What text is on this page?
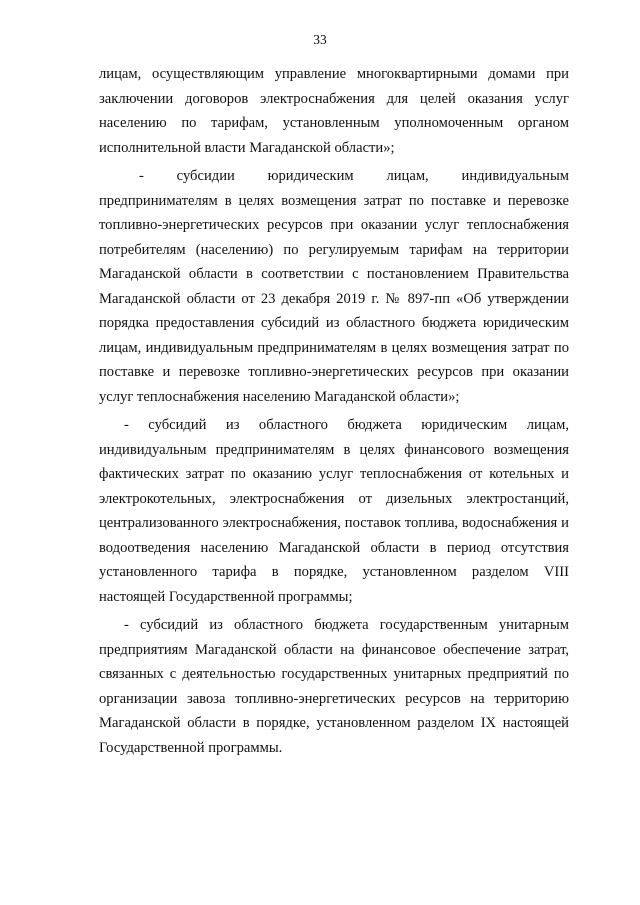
33

лицам, осуществляющим управление многоквартирными домами при заключении договоров электроснабжения для целей оказания услуг населению по тарифам, установленным уполномоченным органом исполнительной власти Магаданской области»;

- субсидии юридическим лицам, индивидуальным предпринимателям в целях возмещения затрат по поставке и перевозке топливно-энергетических ресурсов при оказании услуг теплоснабжения потребителям (населению) по регулируемым тарифам на территории Магаданской области в соответствии с постановлением Правительства Магаданской области от 23 декабря 2019 г. № 897-пп «Об утверждении порядка предоставления субсидий из областного бюджета юридическим лицам, индивидуальным предпринимателям в целях возмещения затрат по поставке и перевозке топливно-энергетических ресурсов при оказании услуг теплоснабжения населению Магаданской области»;

- субсидий из областного бюджета юридическим лицам, индивидуальным предпринимателям в целях финансового возмещения фактических затрат по оказанию услуг теплоснабжения от котельных и электрокотельных, электроснабжения от дизельных электростанций, централизованного электроснабжения, поставок топлива, водоснабжения и водоотведения населению Магаданской области в период отсутствия установленного тарифа в порядке, установленном разделом VIII настоящей Государственной программы;

- субсидий из областного бюджета государственным унитарным предприятиям Магаданской области на финансовое обеспечение затрат, связанных с деятельностью государственных унитарных предприятий по организации завоза топливно-энергетических ресурсов на территорию Магаданской области в порядке, установленном разделом IX настоящей Государственной программы.
